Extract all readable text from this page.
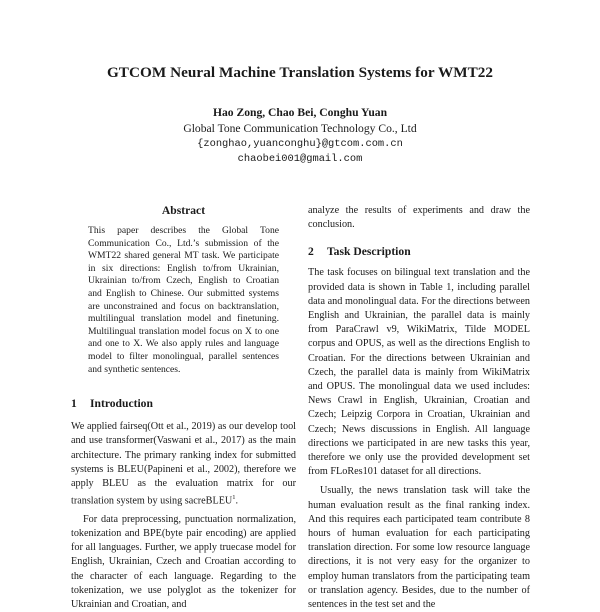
GTCOM Neural Machine Translation Systems for WMT22
Hao Zong, Chao Bei, Conghu Yuan
Global Tone Communication Technology Co., Ltd
{zonghao,yuanconghu}@gtcom.com.cn
chaobei001@gmail.com
Abstract

This paper describes the Global Tone Communication Co., Ltd.’s submission of the WMT22 shared general MT task. We participate in six directions: English to/from Ukrainian, Ukrainian to/from Czech, English to Croatian and English to Chinese. Our submitted systems are unconstrained and focus on backtranslation, multilingual translation model and finetuning. Multilingual translation model focus on X to one and one to X. We also apply rules and language model to filter monolingual, parallel sentences and synthetic sentences.

1 Introduction

We applied fairseq(Ott et al., 2019) as our develop tool and use transformer(Vaswani et al., 2017) as the main architecture. The primary ranking index for submitted systems is BLEU(Papineni et al., 2002), therefore we apply BLEU as the evaluation matrix for our translation system by using sacreBLEU$^1$.

For data preprocessing, punctuation normalization, tokenization and BPE(byte pair encoding) are applied for all languages. Further, we apply truecase model for English, Ukrainian, Czech and Croatian according to the character of each language. Regarding to the tokenization, we use polyglot as the tokenizer for Ukrainian and Croatian, and

analyze the results of experiments and draw the conclusion.

2 Task Description

The task focuses on bilingual text translation and the provided data is shown in Table 1, including parallel data and monolingual data. For the directions between English and Ukrainian, the parallel data is mainly from ParaCrawl v9, WikiMatrix, Tilde MODEL corpus and OPUS, as well as the directions English to Croatian. For the directions between Ukrainian and Czech, the parallel data is mainly from WikiMatrix and OPUS. The monolingual data we used includes: News Crawl in English, Ukrainian, Croatian and Czech; Leipzig Corpora in Croatian, Ukrainian and Czech; News discussions in English. All language directions we participated in are new tasks this year, therefore we only use the provided development set from FLoRes101 dataset for all directions.

Usually, the news translation task will take the human evaluation result as the final ranking index. And this requires each participated team contribute 8 hours of human evaluation for each participating translation direction. For some low resource language directions, it is not very easy for the organizer to employ human translators from the participating team or translation agency. Besides, due to the number of sentences in the test set and the
